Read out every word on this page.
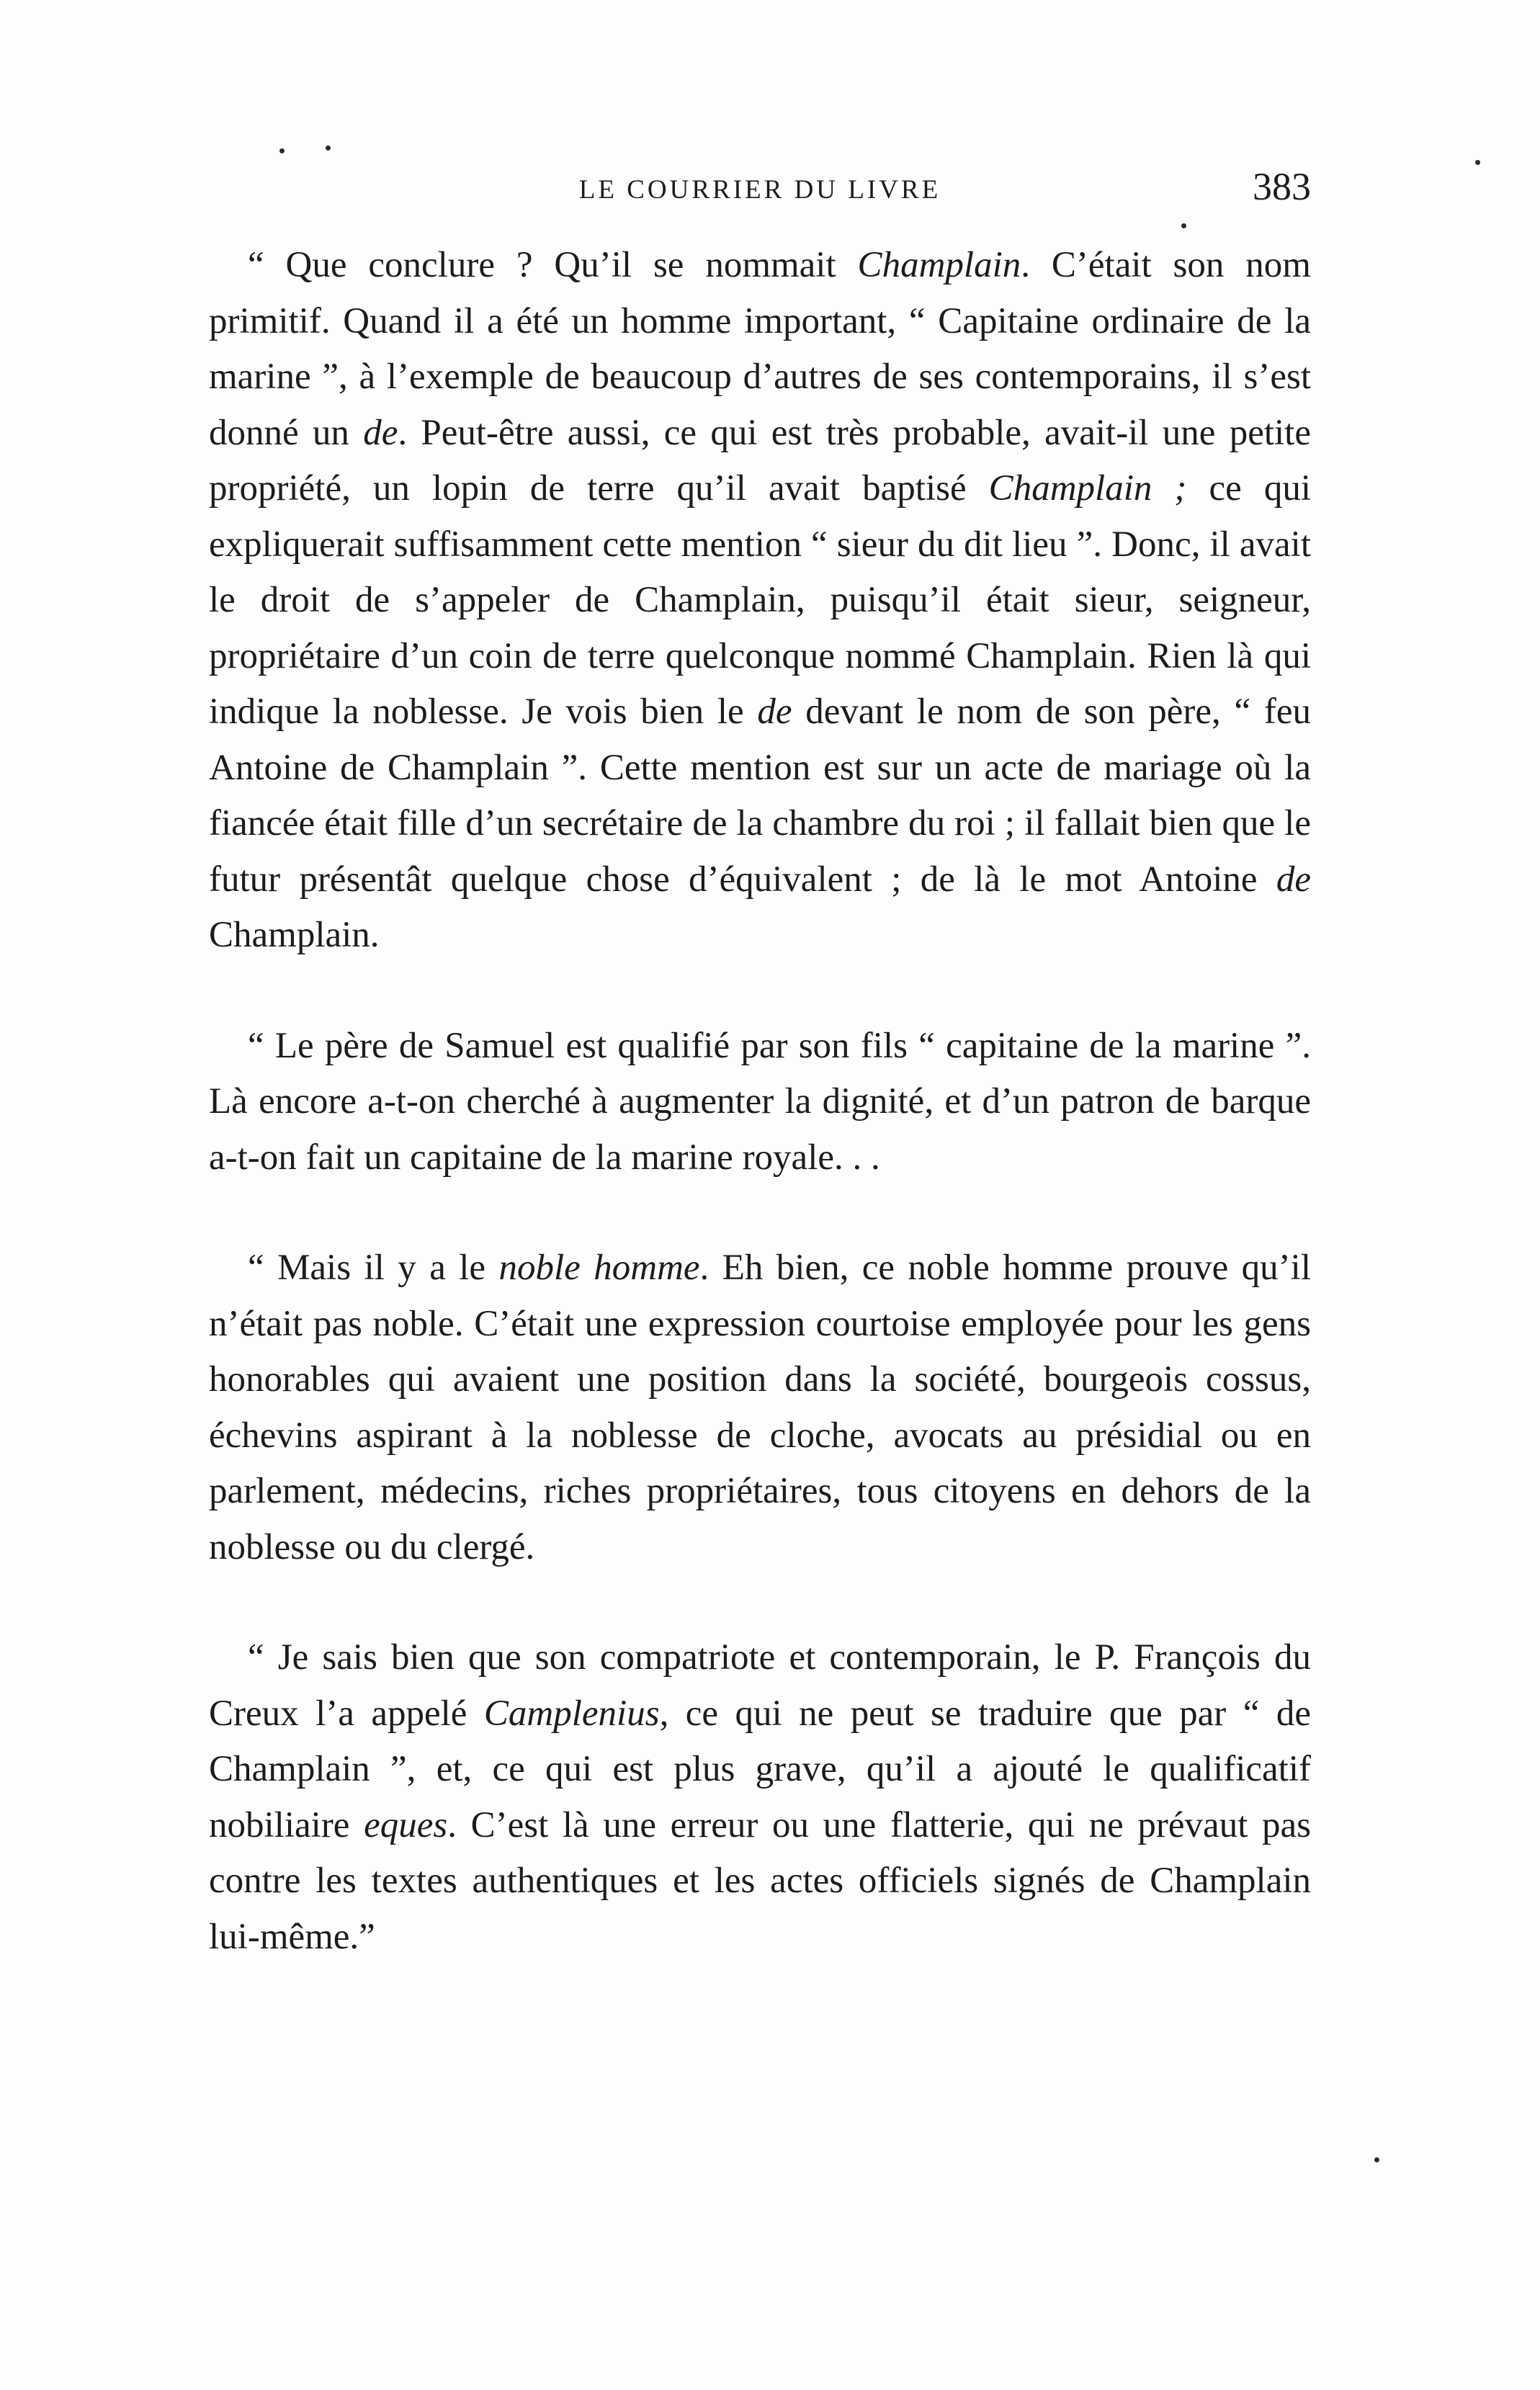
LE COURRIER DU LIVRE	383

“ Que conclure ? Qu’il se nommait Champlain. C’était son nom primitif. Quand il a été un homme important, “ Capitaine ordinaire de la marine ”, à l’exemple de beaucoup d’autres de ses contemporains, il s’est donné un de. Peut-être aussi, ce qui est très probable, avait-il une petite propriété, un lopin de terre qu’il avait baptisé Champlain ; ce qui expliquerait suffisamment cette mention “ sieur du dit lieu ”. Donc, il avait le droit de s’appeler de Champlain, puisqu’il était sieur, seigneur, propriétaire d’un coin de terre quelconque nommé Champlain. Rien là qui indique la noblesse. Je vois bien le de devant le nom de son père, “ feu Antoine de Champlain ”. Cette mention est sur un acte de mariage où la fiancée était fille d’un secrétaire de la chambre du roi ; il fallait bien que le futur présentât quelque chose d’équivalent ; de là le mot Antoine de Champlain.

“ Le père de Samuel est qualifié par son fils “ capitaine de la marine ”. Là encore a-t-on cherché à augmenter la dignité, et d’un patron de barque a-t-on fait un capitaine de la marine royale. . .

“ Mais il y a le noble homme. Eh bien, ce noble homme prouve qu’il n’était pas noble. C’était une expression courtoise employée pour les gens honorables qui avaient une position dans la société, bourgeois cossus, échevins aspirant à la noblesse de cloche, avocats au présidial ou en parlement, médecins, riches propriétaires, tous citoyens en dehors de la noblesse ou du clergé.

“ Je sais bien que son compatriote et contemporain, le P. François du Creux l’a appelé Camplenius, ce qui ne peut se traduire que par “ de Champlain ”, et, ce qui est plus grave, qu’il a ajouté le qualificatif nobiliaire eques. C’est là une erreur ou une flatterie, qui ne prévaut pas contre les textes authentiques et les actes officiels signés de Champlain lui-même.”
